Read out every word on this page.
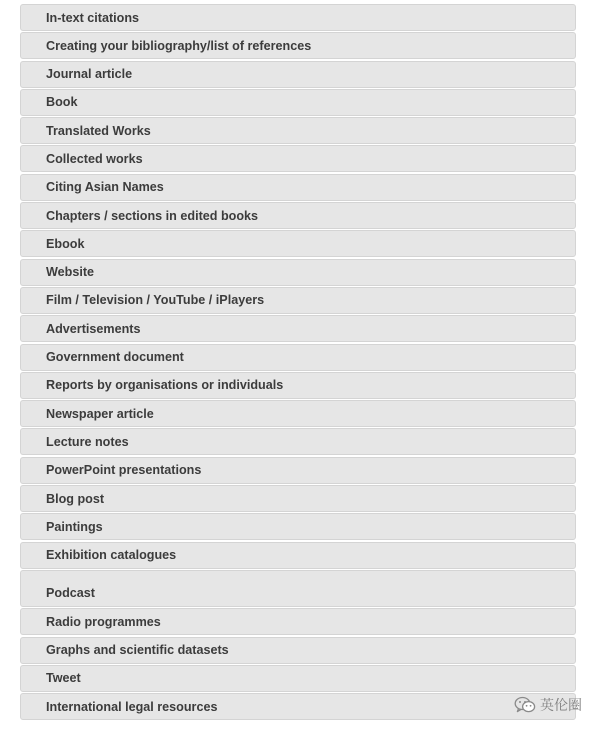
In-text citations
Creating your bibliography/list of references
Journal article
Book
Translated Works
Collected works
Citing Asian Names
Chapters / sections in edited books
Ebook
Website
Film / Television / YouTube / iPlayers
Advertisements
Government document
Reports by organisations or individuals
Newspaper article
Lecture notes
PowerPoint presentations
Blog post
Paintings
Exhibition catalogues
Podcast
Radio programmes
Graphs and scientific datasets
Tweet
International legal resources	英伦圈
